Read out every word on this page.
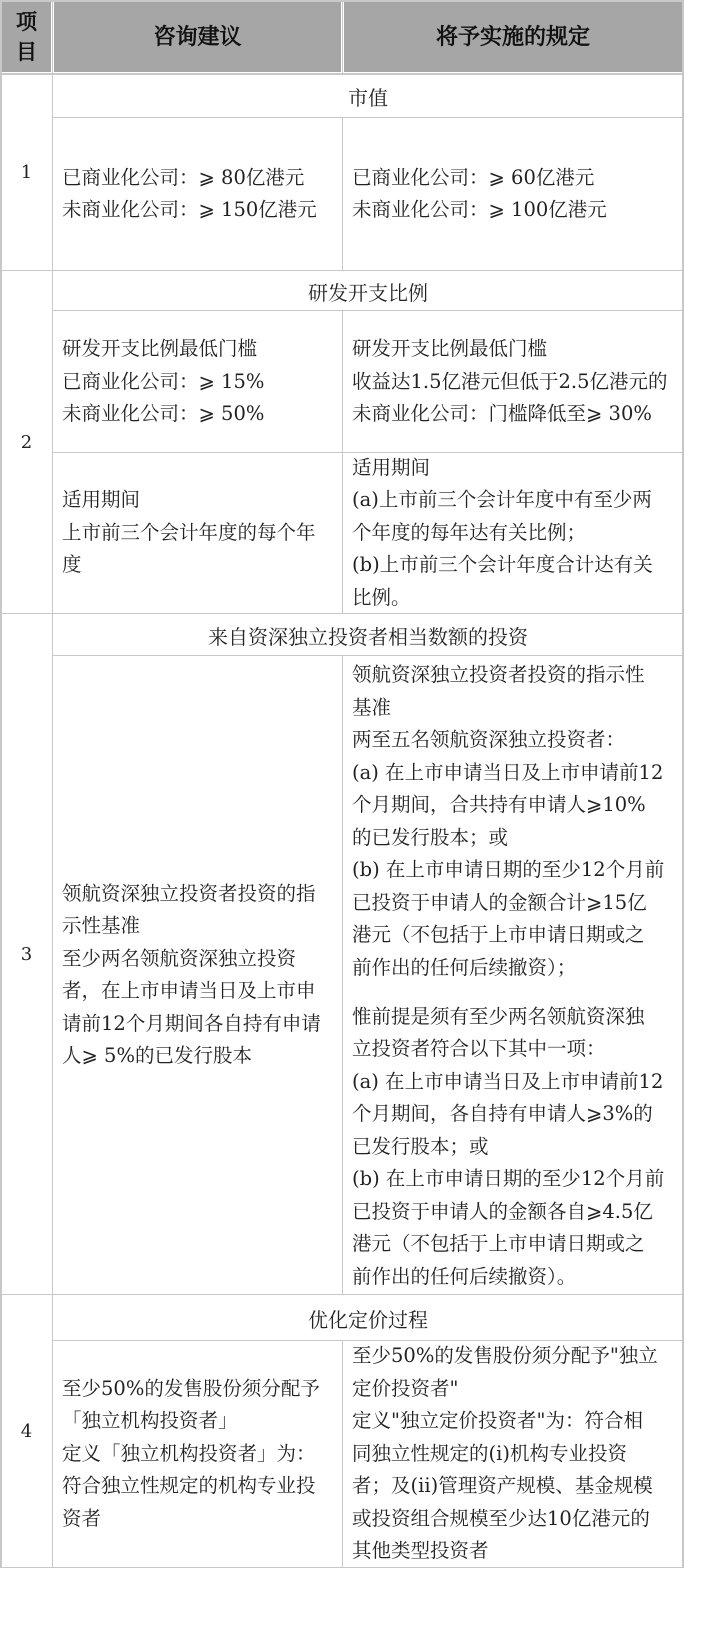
项
目
咨询建议	将予实施的规定
1
市值
已商业化公司：⩾ 80亿港元
未商业化公司：⩾ 150亿港元
已商业化公司：⩾ 60亿港元
未商业化公司：⩾ 100亿港元
2
研发开支比例
研发开支比例最低门槛
已商业化公司：⩾ 15%
未商业化公司：⩾ 50%
研发开支比例最低门槛
收益达1.5亿港元但低于2.5亿港元的
未商业化公司：门槛降低至⩾ 30%
适用期间
上市前三个会计年度的每个年
度
适用期间
(a)上市前三个会计年度中有至少两
个年度的每年达有关比例；
(b)上市前三个会计年度合计达有关
比例。
3
来自资深独立投资者相当数额的投资
领航资深独立投资者投资的指
示性基准
至少两名领航资深独立投资
者，在上市申请当日及上市申
请前12个月期间各自持有申请
人⩾ 5%的已发行股本
领航资深独立投资者投资的指示性
基准
两至五名领航资深独立投资者：
(a) 在上市申请当日及上市申请前12
个月期间，合共持有申请人⩾10%
的已发行股本；或
(b) 在上市申请日期的至少12个月前
已投资于申请人的金额合计⩾15亿
港元（不包括于上市申请日期或之
前作出的任何后续撤资）；
惟前提是须有至少两名领航资深独
立投资者符合以下其中一项：
(a) 在上市申请当日及上市申请前12
个月期间，各自持有申请人⩾3%的
已发行股本；或
(b) 在上市申请日期的至少12个月前
已投资于申请人的金额各自⩾4.5亿
港元（不包括于上市申请日期或之
前作出的任何后续撤资）。
4
优化定价过程
至少50%的发售股份须分配予
「独立机构投资者」
定义「独立机构投资者」为：
符合独立性规定的机构专业投
资者
至少50%的发售股份须分配予"独立
定价投资者"
定义"独立定价投资者"为：符合相
同独立性规定的(i)机构专业投资
者；及(ii)管理资产规模、基金规模
或投资组合规模至少达10亿港元的
其他类型投资者
